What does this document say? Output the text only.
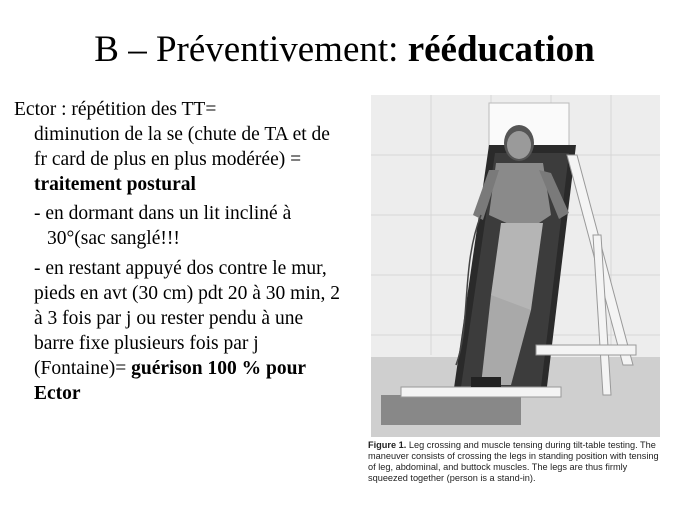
B – Préventivement: rééducation
Ector : répétition des TT=
diminution de la se (chute de TA et de fr card de plus en plus modérée) = traitement postural
- en dormant dans un lit incliné à
30°(sac sanglé!!!
- en restant appuyé dos contre le mur, pieds en avt (30 cm) pdt 20 à 30 min, 2 à 3 fois par j ou rester pendu à une barre fixe plusieurs fois par j (Fontaine)= guérison 100 % pour Ector
Figure 1. Leg crossing and muscle tensing during tilt-table testing. The maneuver consists of crossing the legs in standing position with tensing of leg, abdominal, and buttock muscles. The legs are thus firmly squeezed together (person is a stand-in).
